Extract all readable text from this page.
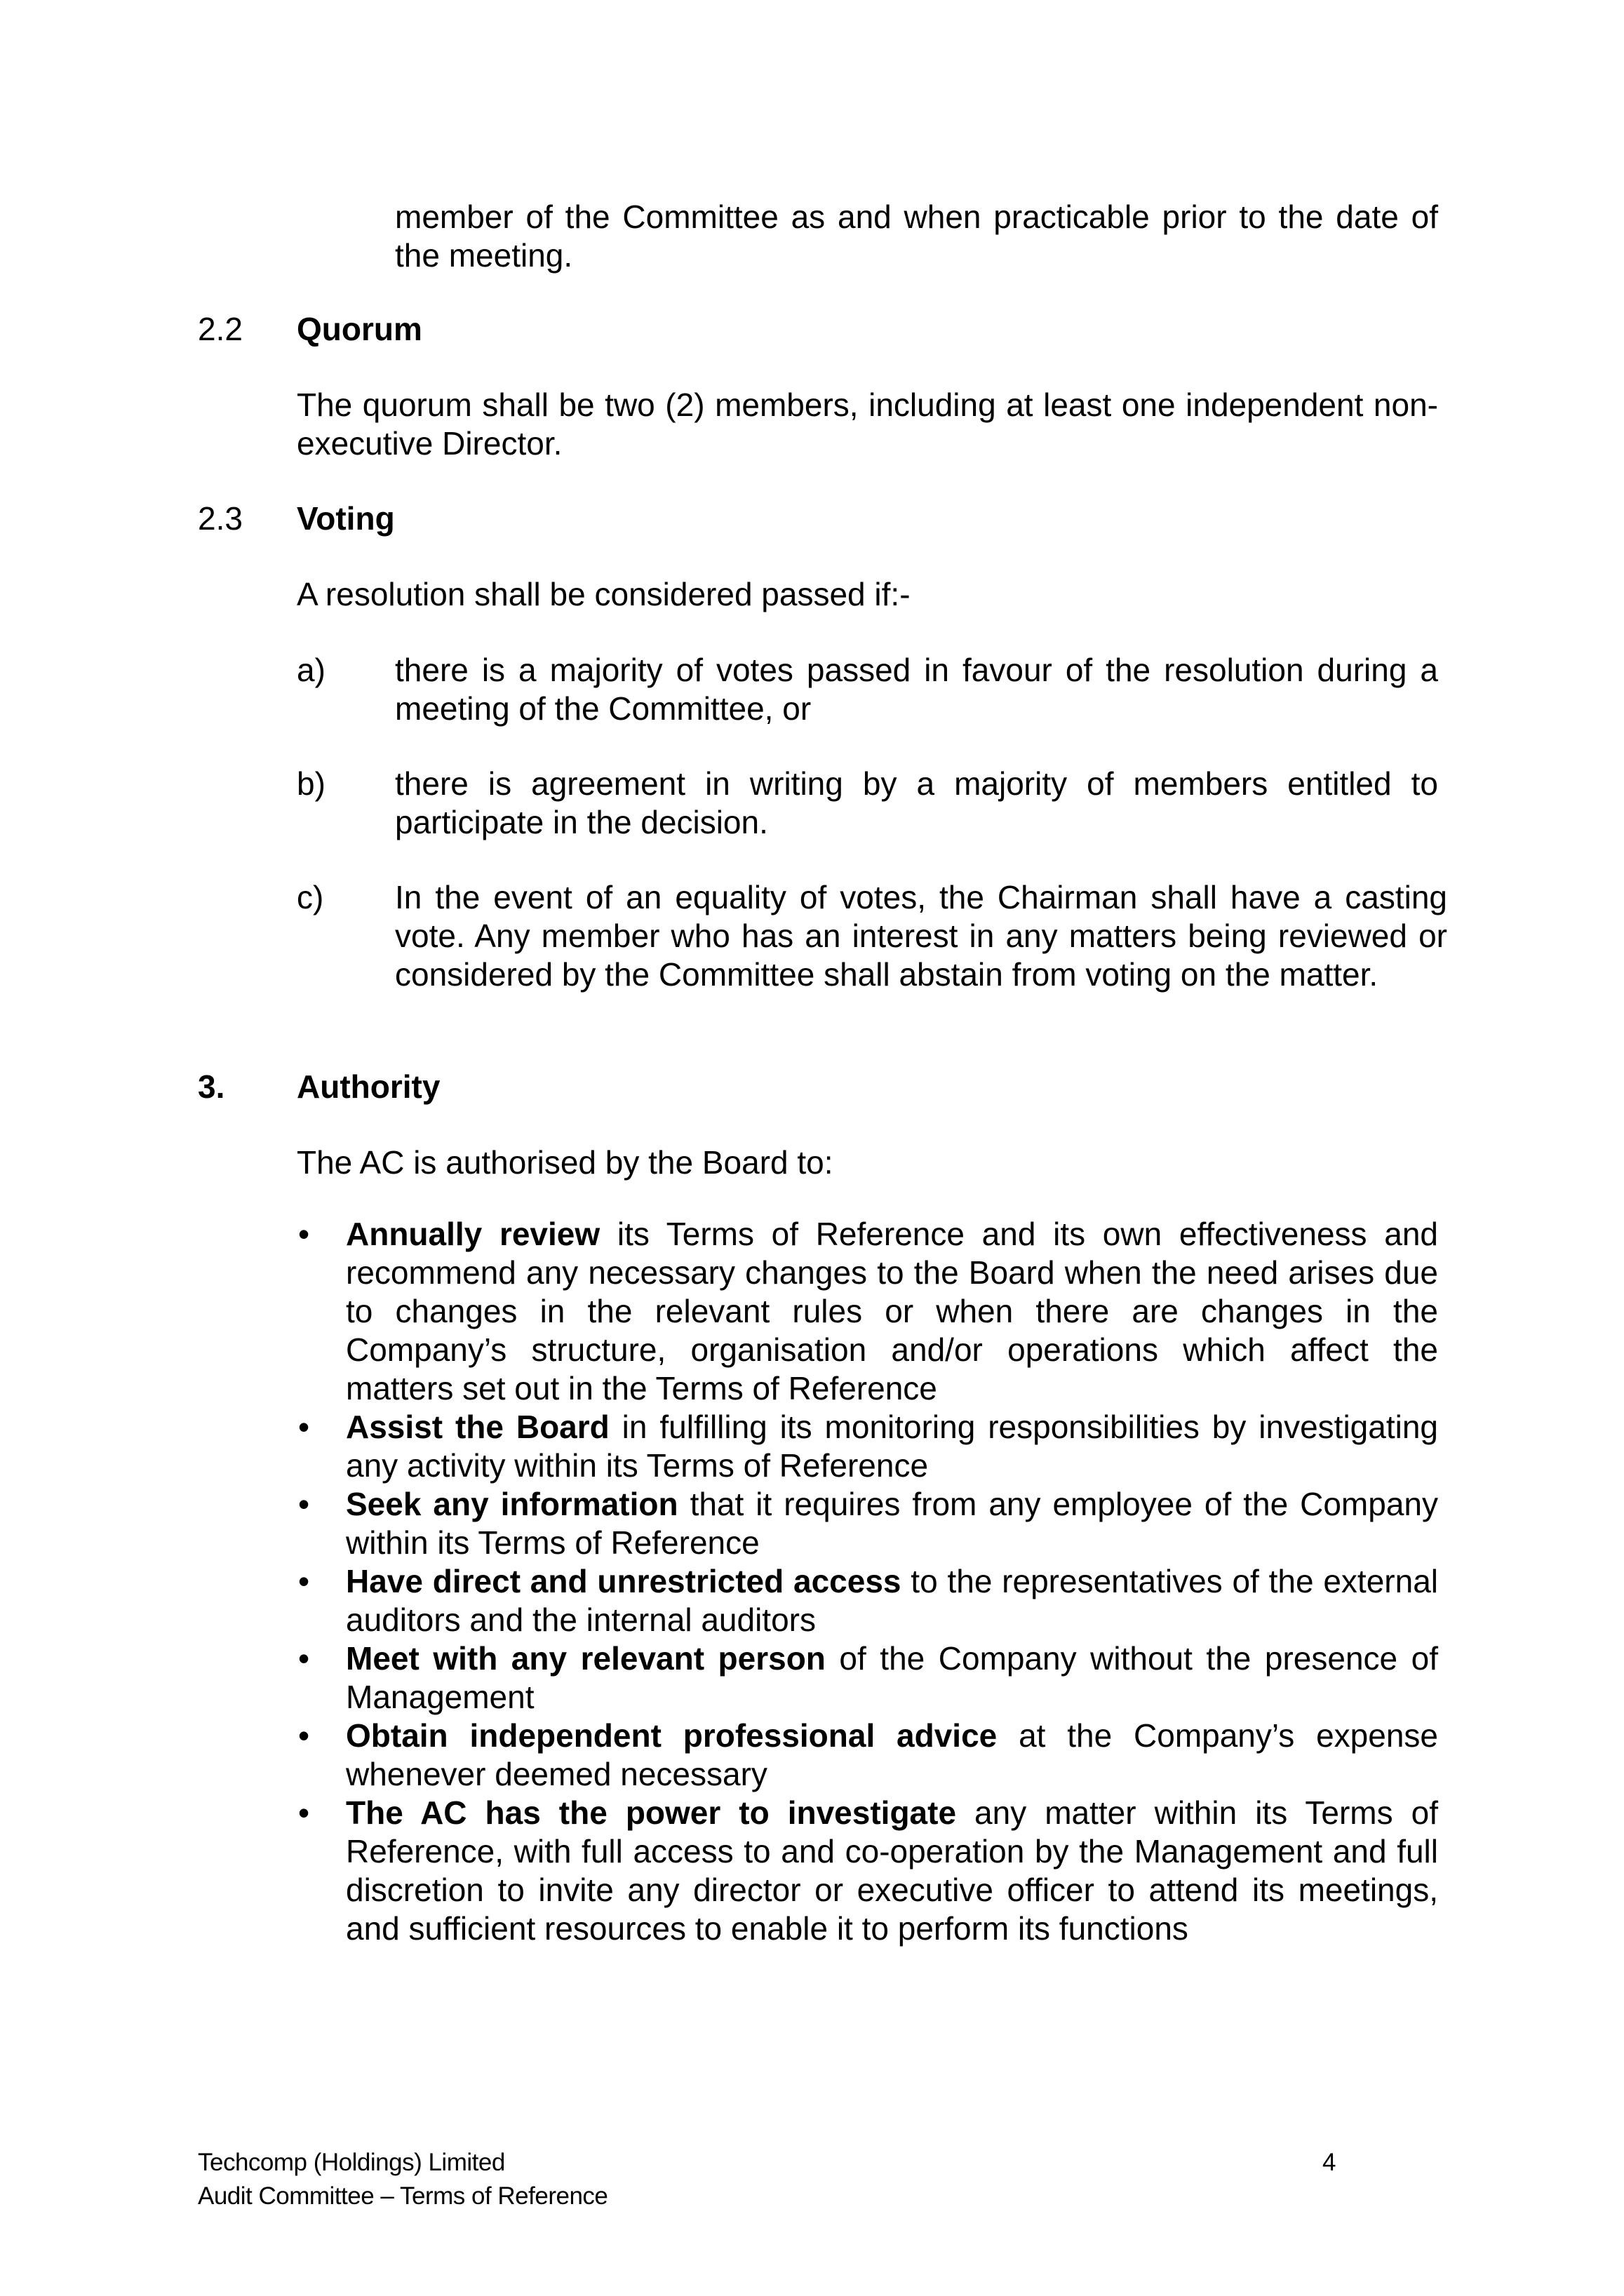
member of the Committee as and when practicable prior to the date of the meeting.
2.2 Quorum
The quorum shall be two (2) members, including at least one independent non-executive Director.
2.3 Voting
A resolution shall be considered passed if:-
a) there is a majority of votes passed in favour of the resolution during a meeting of the Committee, or
b) there is agreement in writing by a majority of members entitled to participate in the decision.
c) In the event of an equality of votes, the Chairman shall have a casting vote. Any member who has an interest in any matters being reviewed or considered by the Committee shall abstain from voting on the matter.
3. Authority
The AC is authorised by the Board to:
• Annually review its Terms of Reference and its own effectiveness and recommend any necessary changes to the Board when the need arises due to changes in the relevant rules or when there are changes in the Company’s structure, organisation and/or operations which affect the matters set out in the Terms of Reference
• Assist the Board in fulfilling its monitoring responsibilities by investigating any activity within its Terms of Reference
• Seek any information that it requires from any employee of the Company within its Terms of Reference
• Have direct and unrestricted access to the representatives of the external auditors and the internal auditors
• Meet with any relevant person of the Company without the presence of Management
• Obtain independent professional advice at the Company’s expense whenever deemed necessary
• The AC has the power to investigate any matter within its Terms of Reference, with full access to and co-operation by the Management and full discretion to invite any director or executive officer to attend its meetings, and sufficient resources to enable it to perform its functions
Techcomp (Holdings) Limited
Audit Committee – Terms of Reference
4
